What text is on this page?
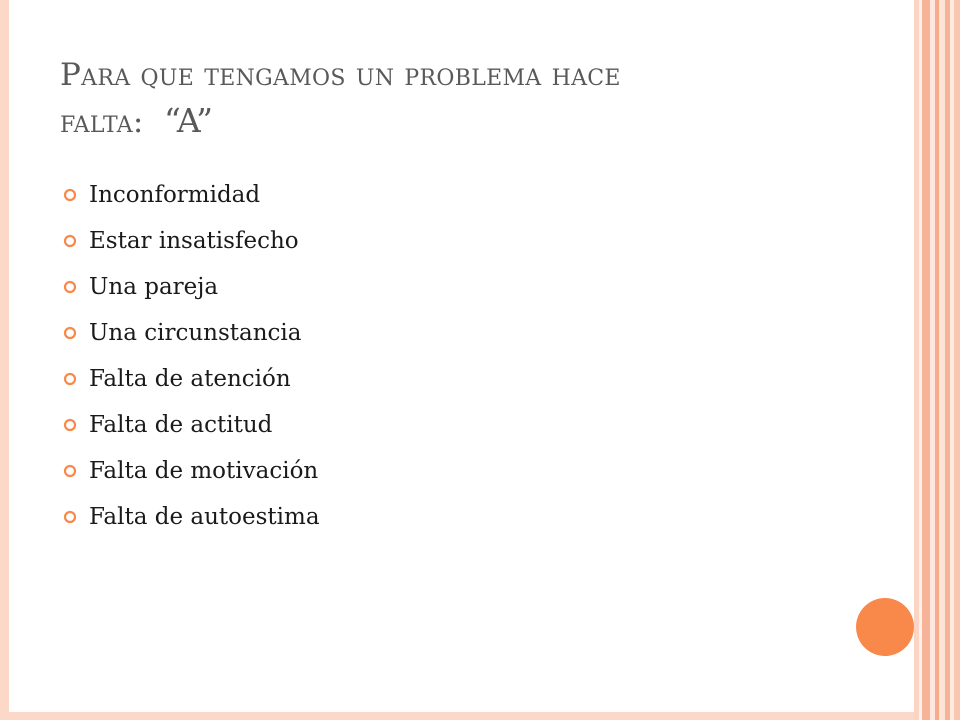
Para que tengamos un problema hace
falta: “A”
Inconformidad
Estar insatisfecho
Una pareja
Una circunstancia
Falta de atención
Falta de actitud
Falta de motivación
Falta de autoestima
